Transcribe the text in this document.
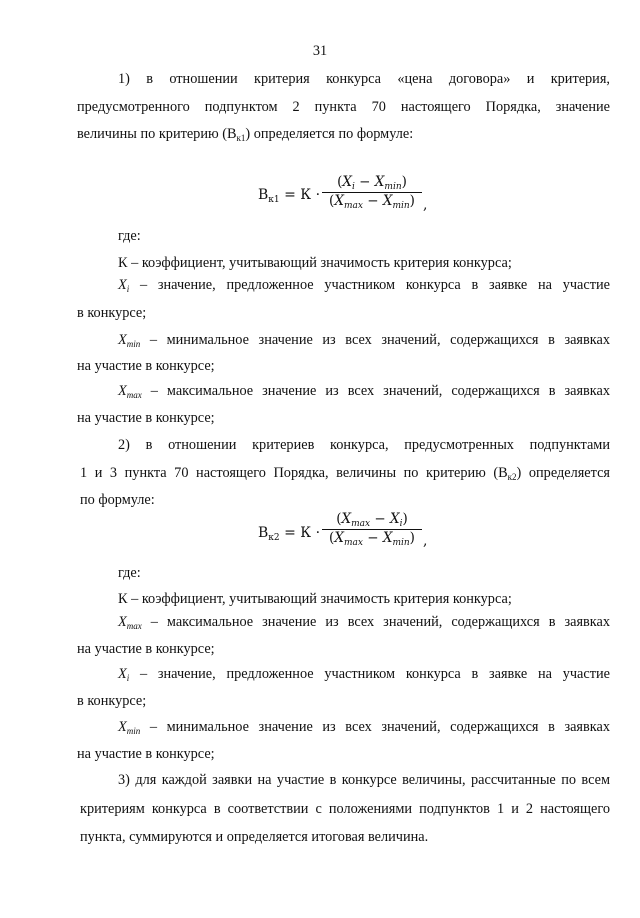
31
1) в отношении критерия конкурса «цена договора» и критерия,
предусмотренного подпунктом 2 пункта 70 настоящего Порядка, значение
величины по критерию $(В_{к1})$ определяется по формуле:
$В_{к1} = К$ ·
$(X_i - X_{min})$
$(X_{max} - X_{min})$ ,
где:
К – коэффициент, учитывающий значимость критерия конкурса;
$X_i$ – значение, предложенное участником конкурса в заявке на участие
в конкурсе;
$X_{min}$ – минимальное значение из всех значений, содержащихся в заявках
на участие в конкурсе;
$X_{max}$ – максимальное значение из всех значений, содержащихся в заявках
на участие в конкурсе;
2) в отношении критериев конкурса, предусмотренных подпунктами
1 и 3 пункта 70 настоящего Порядка, величины по критерию $(В_{к2})$ определяется
по формуле:
$В_{к2} = К$ ·
$(X_{max} - X_i)$
$(X_{max} - X_{min})$ ,
где:
К – коэффициент, учитывающий значимость критерия конкурса;
$X_{max}$ – максимальное значение из всех значений, содержащихся в заявках
на участие в конкурсе;
$X_i$ – значение, предложенное участником конкурса в заявке на участие
в конкурсе;
$X_{min}$ – минимальное значение из всех значений, содержащихся в заявках
на участие в конкурсе;
3) для каждой заявки на участие в конкурсе величины, рассчитанные по всем
критериям конкурса в соответствии с положениями подпунктов 1 и 2 настоящего
пункта, суммируются и определяется итоговая величина.
